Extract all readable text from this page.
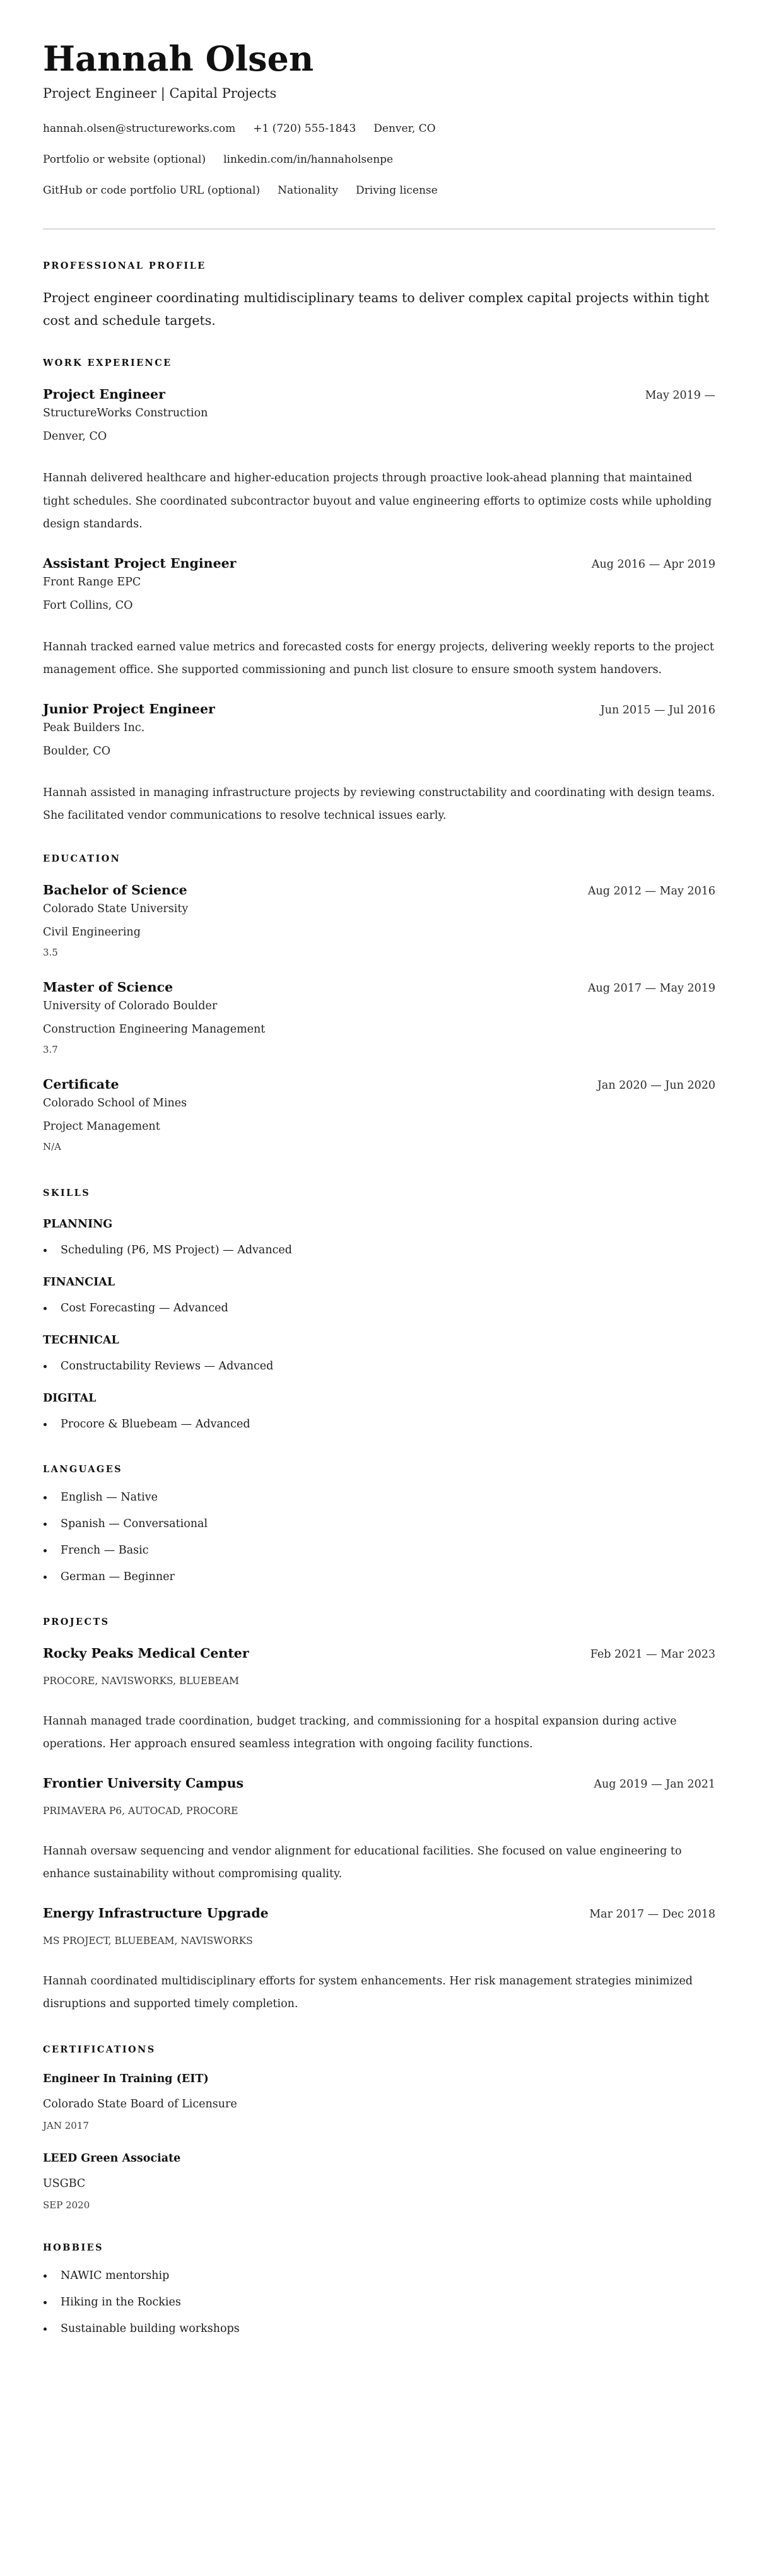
Hannah Olsen
Project Engineer | Capital Projects
hannah.olsen@structureworks.com +1 (720) 555-1843 Denver, CO
Portfolio or website (optional) linkedin.com/in/hannaholsenpe
GitHub or code portfolio URL (optional) Nationality Driving license
PROFESSIONAL PROFILE

Project engineer coordinating multidisciplinary teams to deliver complex capital projects within tight cost and schedule targets.

WORK EXPERIENCE
Project Engineer	May 2019 —
StructureWorks Construction
Denver, CO

Hannah delivered healthcare and higher-education projects through proactive look-ahead planning that maintained tight schedules. She coordinated subcontractor buyout and value engineering efforts to optimize costs while upholding design standards.

Assistant Project Engineer	Aug 2016 — Apr 2019
Front Range EPC
Fort Collins, CO

Hannah tracked earned value metrics and forecasted costs for energy projects, delivering weekly reports to the project management office. She supported commissioning and punch list closure to ensure smooth system handovers.

Junior Project Engineer	Jun 2015 — Jul 2016
Peak Builders Inc.
Boulder, CO

Hannah assisted in managing infrastructure projects by reviewing constructability and coordinating with design teams. She facilitated vendor communications to resolve technical issues early.

EDUCATION
Bachelor of Science	Aug 2012 — May 2016
Colorado State University
Civil Engineering
3.5
Master of Science	Aug 2017 — May 2019
University of Colorado Boulder
Construction Engineering Management
3.7
Certificate	Jan 2020 — Jun 2020
Colorado School of Mines
Project Management
N/A
SKILLS
PLANNING
Scheduling (P6, MS Project) — Advanced
FINANCIAL
Cost Forecasting — Advanced
TECHNICAL
Constructability Reviews — Advanced
DIGITAL
Procore & Bluebeam — Advanced
LANGUAGES
English — Native
Spanish — Conversational
French — Basic
German — Beginner
PROJECTS
Rocky Peaks Medical Center	Feb 2021 — Mar 2023
PROCORE, NAVISWORKS, BLUEBEAM

Hannah managed trade coordination, budget tracking, and commissioning for a hospital expansion during active operations. Her approach ensured seamless integration with ongoing facility functions.

Frontier University Campus	Aug 2019 — Jan 2021
PRIMAVERA P6, AUTOCAD, PROCORE

Hannah oversaw sequencing and vendor alignment for educational facilities. She focused on value engineering to enhance sustainability without compromising quality.

Energy Infrastructure Upgrade	Mar 2017 — Dec 2018
MS PROJECT, BLUEBEAM, NAVISWORKS

Hannah coordinated multidisciplinary efforts for system enhancements. Her risk management strategies minimized disruptions and supported timely completion.

CERTIFICATIONS
Engineer In Training (EIT)
Colorado State Board of Licensure
JAN 2017
LEED Green Associate
USGBC
SEP 2020
HOBBIES
NAWIC mentorship
Hiking in the Rockies
Sustainable building workshops
